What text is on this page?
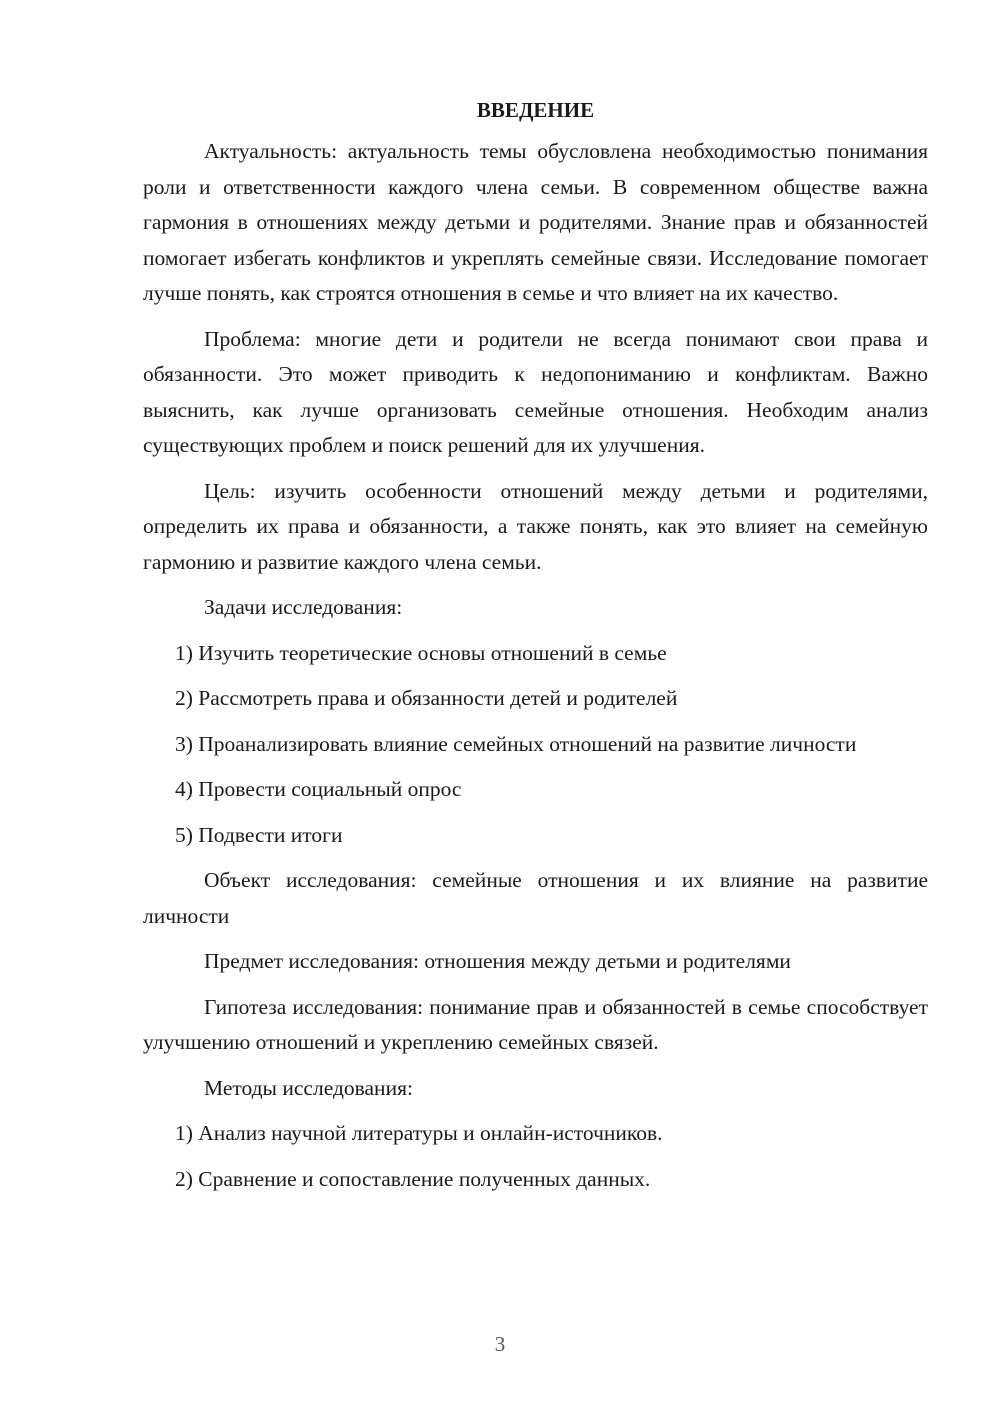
ВВЕДЕНИЕ

Актуальность: актуальность темы обусловлена необходимостью понимания роли и ответственности каждого члена семьи. В современном обществе важна гармония в отношениях между детьми и родителями. Знание прав и обязанностей помогает избегать конфликтов и укреплять семейные связи. Исследование помогает лучше понять, как строятся отношения в семье и что влияет на их качество.

Проблема: многие дети и родители не всегда понимают свои права и обязанности. Это может приводить к недопониманию и конфликтам. Важно выяснить, как лучше организовать семейные отношения. Необходим анализ существующих проблем и поиск решений для их улучшения.

Цель: изучить особенности отношений между детьми и родителями, определить их права и обязанности, а также понять, как это влияет на семейную гармонию и развитие каждого члена семьи.

Задачи исследования:

1) Изучить теоретические основы отношений в семье

2) Рассмотреть права и обязанности детей и родителей

3) Проанализировать влияние семейных отношений на развитие личности

4) Провести социальный опрос

5) Подвести итоги

Объект исследования: семейные отношения и их влияние на развитие личности

Предмет исследования: отношения между детьми и родителями

Гипотеза исследования: понимание прав и обязанностей в семье способствует улучшению отношений и укреплению семейных связей.

Методы исследования:

1) Анализ научной литературы и онлайн-источников.

2) Сравнение и сопоставление полученных данных.

3
